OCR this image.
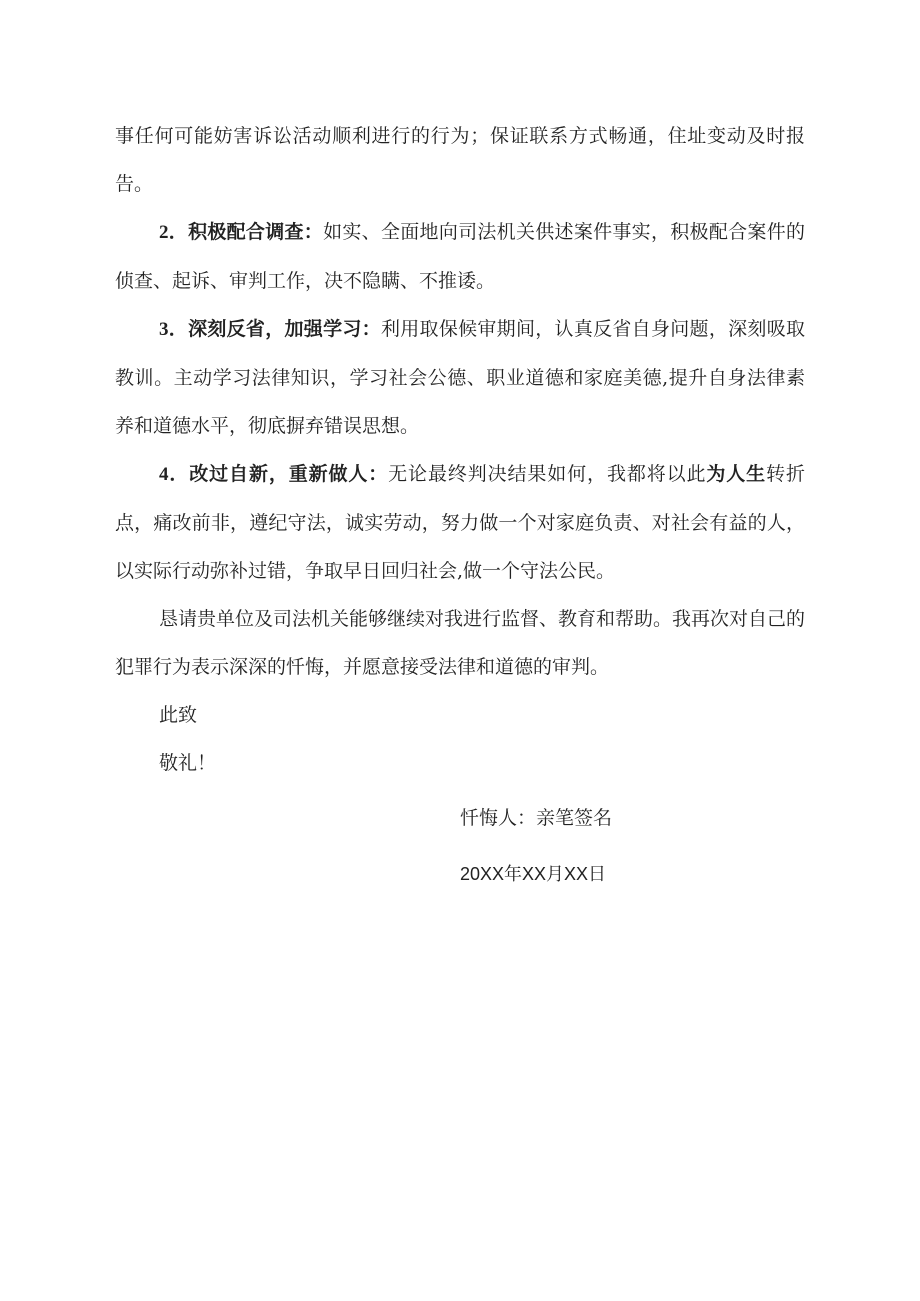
事任何可能妨害诉讼活动顺利进行的行为；保证联系方式畅通，住址变动及时报告。

2．积极配合调查：如实、全面地向司法机关供述案件事实，积极配合案件的侦查、起诉、审判工作，决不隐瞒、不推诿。

3．深刻反省，加强学习：利用取保候审期间，认真反省自身问题，深刻吸取教训。主动学习法律知识，学习社会公德、职业道德和家庭美德,提升自身法律素养和道德水平，彻底摒弃错误思想。

4．改过自新，重新做人：无论最终判决结果如何，我都将以此为人生转折点，痛改前非，遵纪守法，诚实劳动，努力做一个对家庭负责、对社会有益的人，以实际行动弥补过错，争取早日回归社会,做一个守法公民。

恳请贵单位及司法机关能够继续对我进行监督、教育和帮助。我再次对自己的犯罪行为表示深深的忏悔，并愿意接受法律和道德的审判。

此致

敬礼！

忏悔人：亲笔签名

20XX年XX月XX日
